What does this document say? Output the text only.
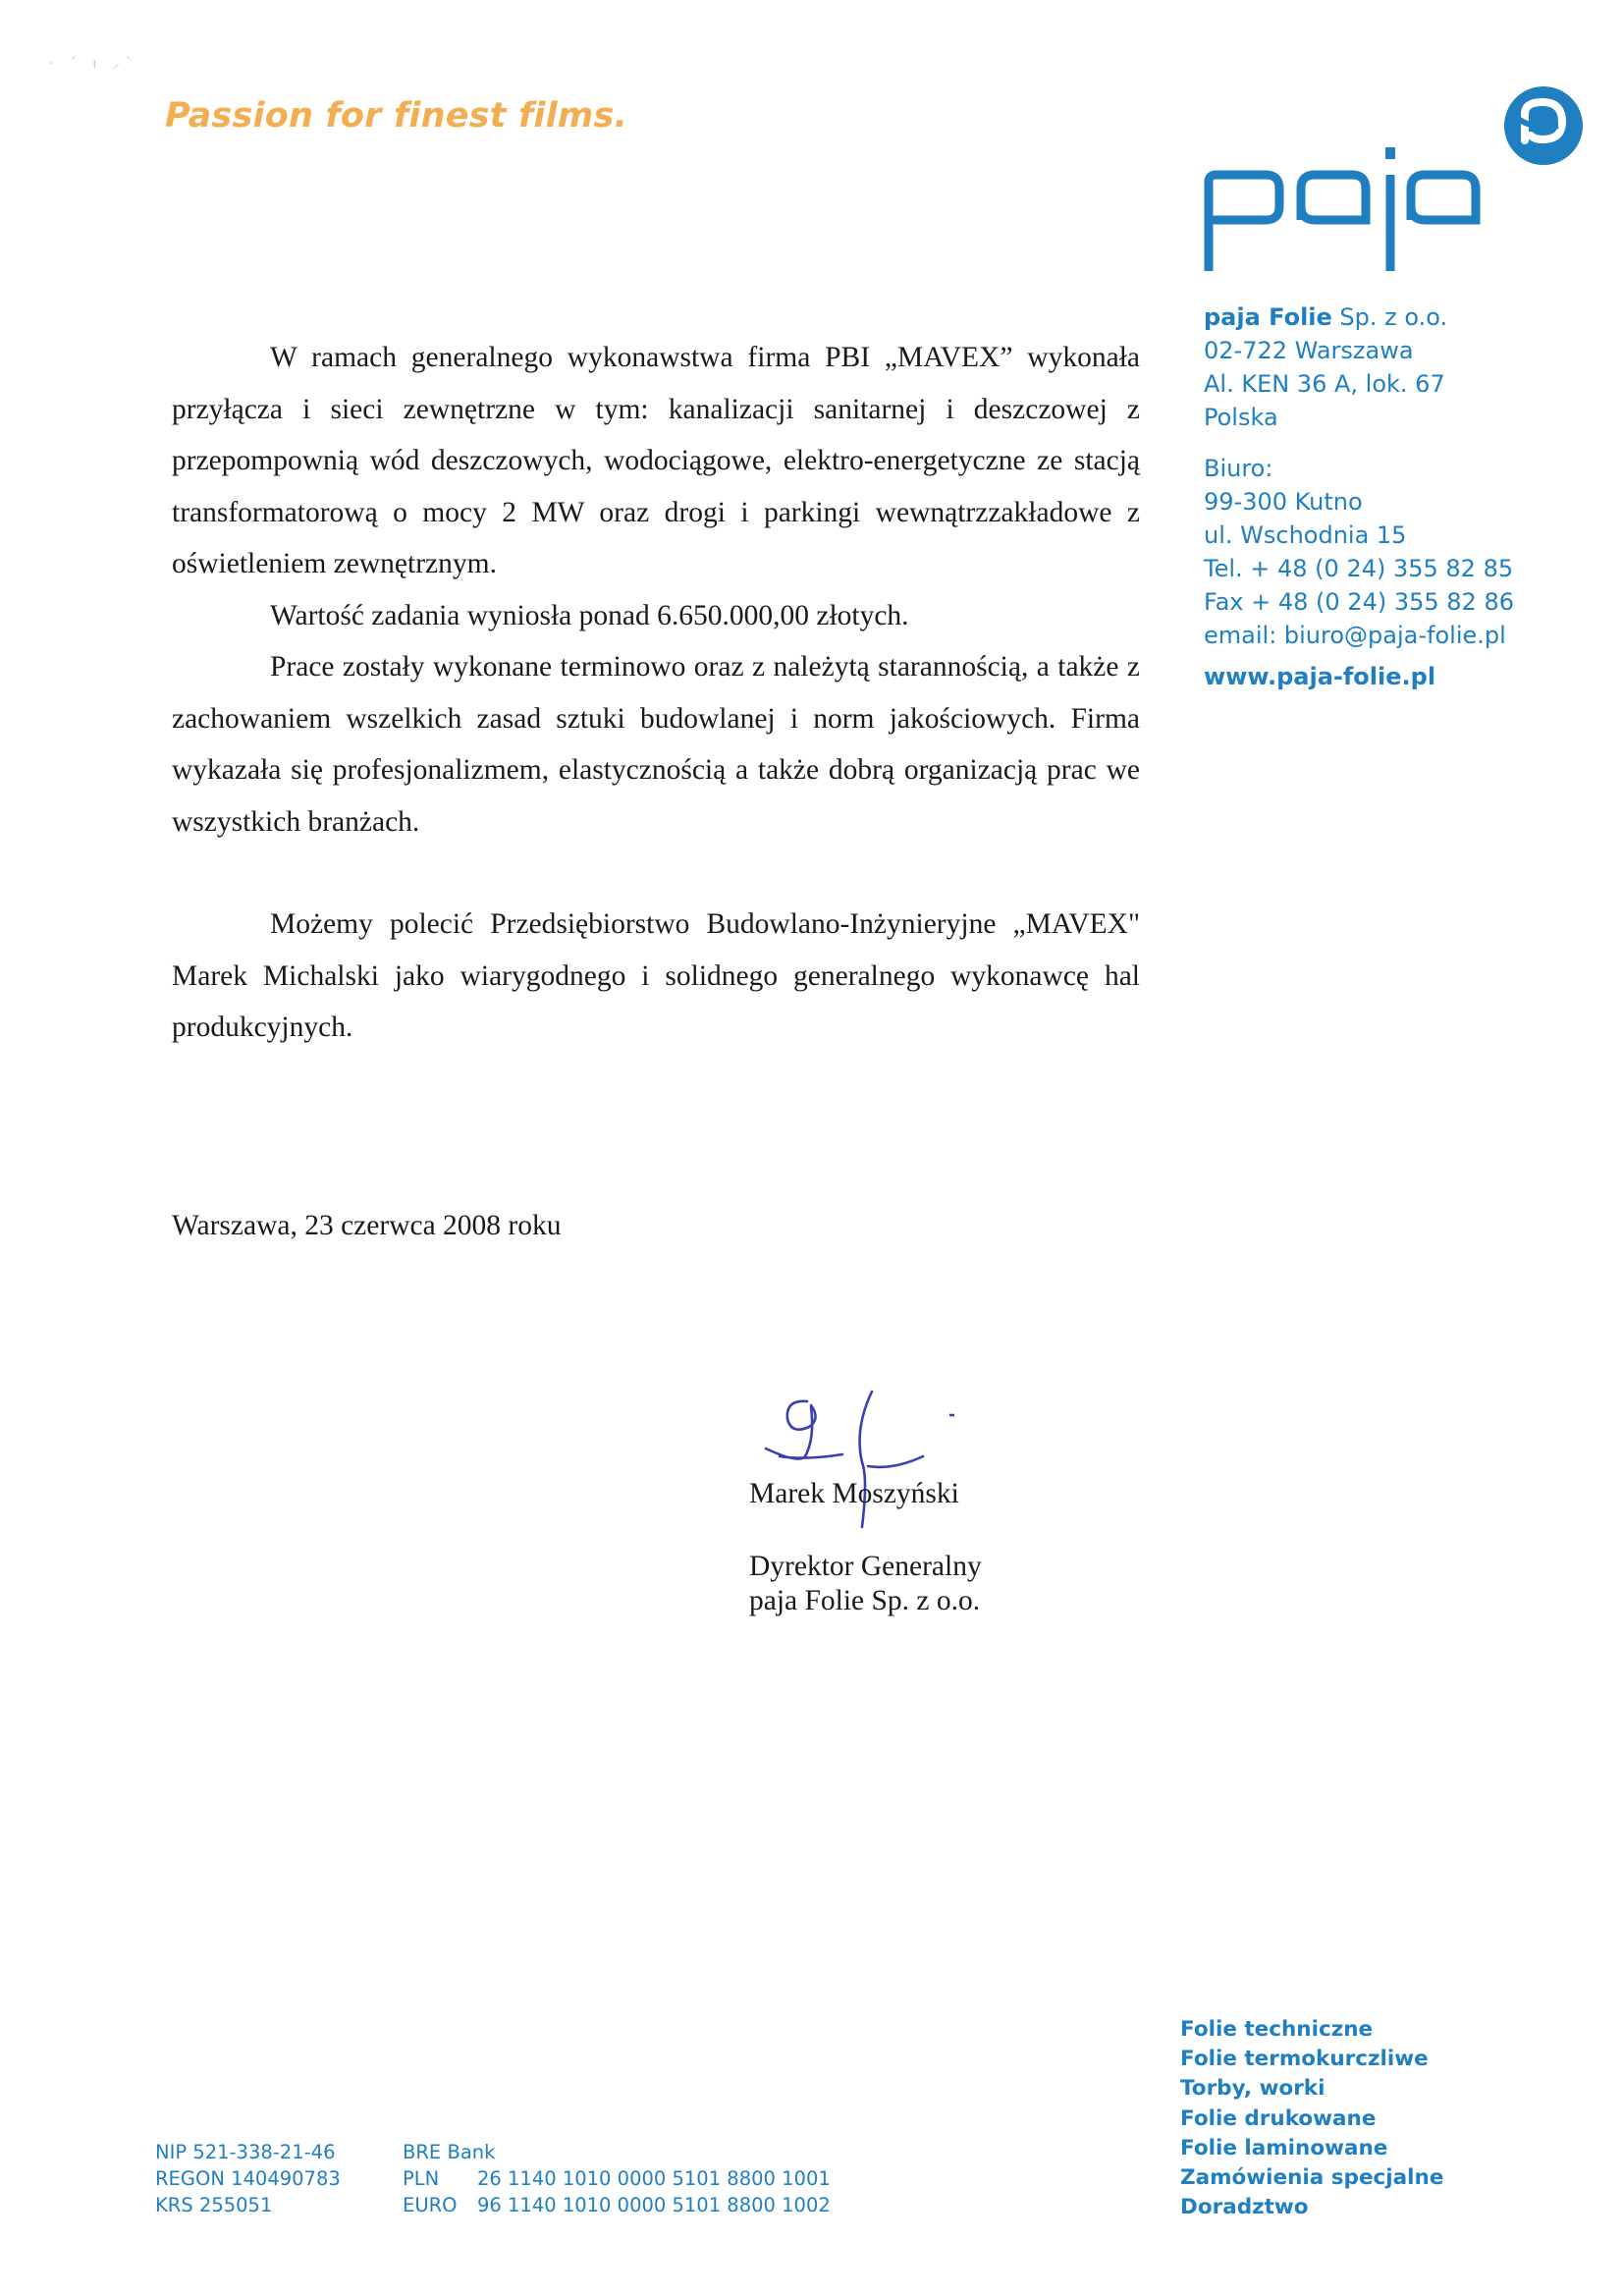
· ˊ ı ⸝ˋ
Passion for finest films.
paja Folie Sp. z o.o.
02-722 Warszawa
Al. KEN 36 A, lok. 67
Polska
Biuro:
99-300 Kutno
ul. Wschodnia 15
Tel. + 48 (0 24) 355 82 85
Fax + 48 (0 24) 355 82 86
email: biuro@paja-folie.pl
www.paja-folie.pl

W ramach generalnego wykonawstwa firma PBI „MAVEX” wykonała przyłącza i sieci zewnętrzne w tym: kanalizacji sanitarnej i deszczowej z przepompownią wód deszczowych, wodociągowe, elektro-energetyczne ze stacją transformatorową o mocy 2 MW oraz drogi i parkingi wewnątrzzakładowe z oświetleniem zewnętrznym.

Wartość zadania wyniosła ponad 6.650.000,00 złotych.

Prace zostały wykonane terminowo oraz z należytą starannością, a także z zachowaniem wszelkich zasad sztuki budowlanej i norm jakościowych. Firma wykazała się profesjonalizmem, elastycznością a także dobrą organizacją prac we wszystkich branżach.

Możemy polecić Przedsiębiorstwo Budowlano-Inżynieryjne „MAVEX" Marek Michalski jako wiarygodnego i solidnego generalnego wykonawcę hal produkcyjnych.

Warszawa, 23 czerwca 2008 roku
Marek Moszyński
Dyrektor Generalny
paja Folie Sp. z o.o.
NIP 521-338-21-46
REGON 140490783
KRS 255051
BRE Bank
PLN	26 1140 1010 0000 5101 8800 1001
EURO	96 1140 1010 0000 5101 8800 1002
Folie techniczne
Folie termokurczliwe
Torby, worki
Folie drukowane
Folie laminowane
Zamówienia specjalne
Doradztwo
